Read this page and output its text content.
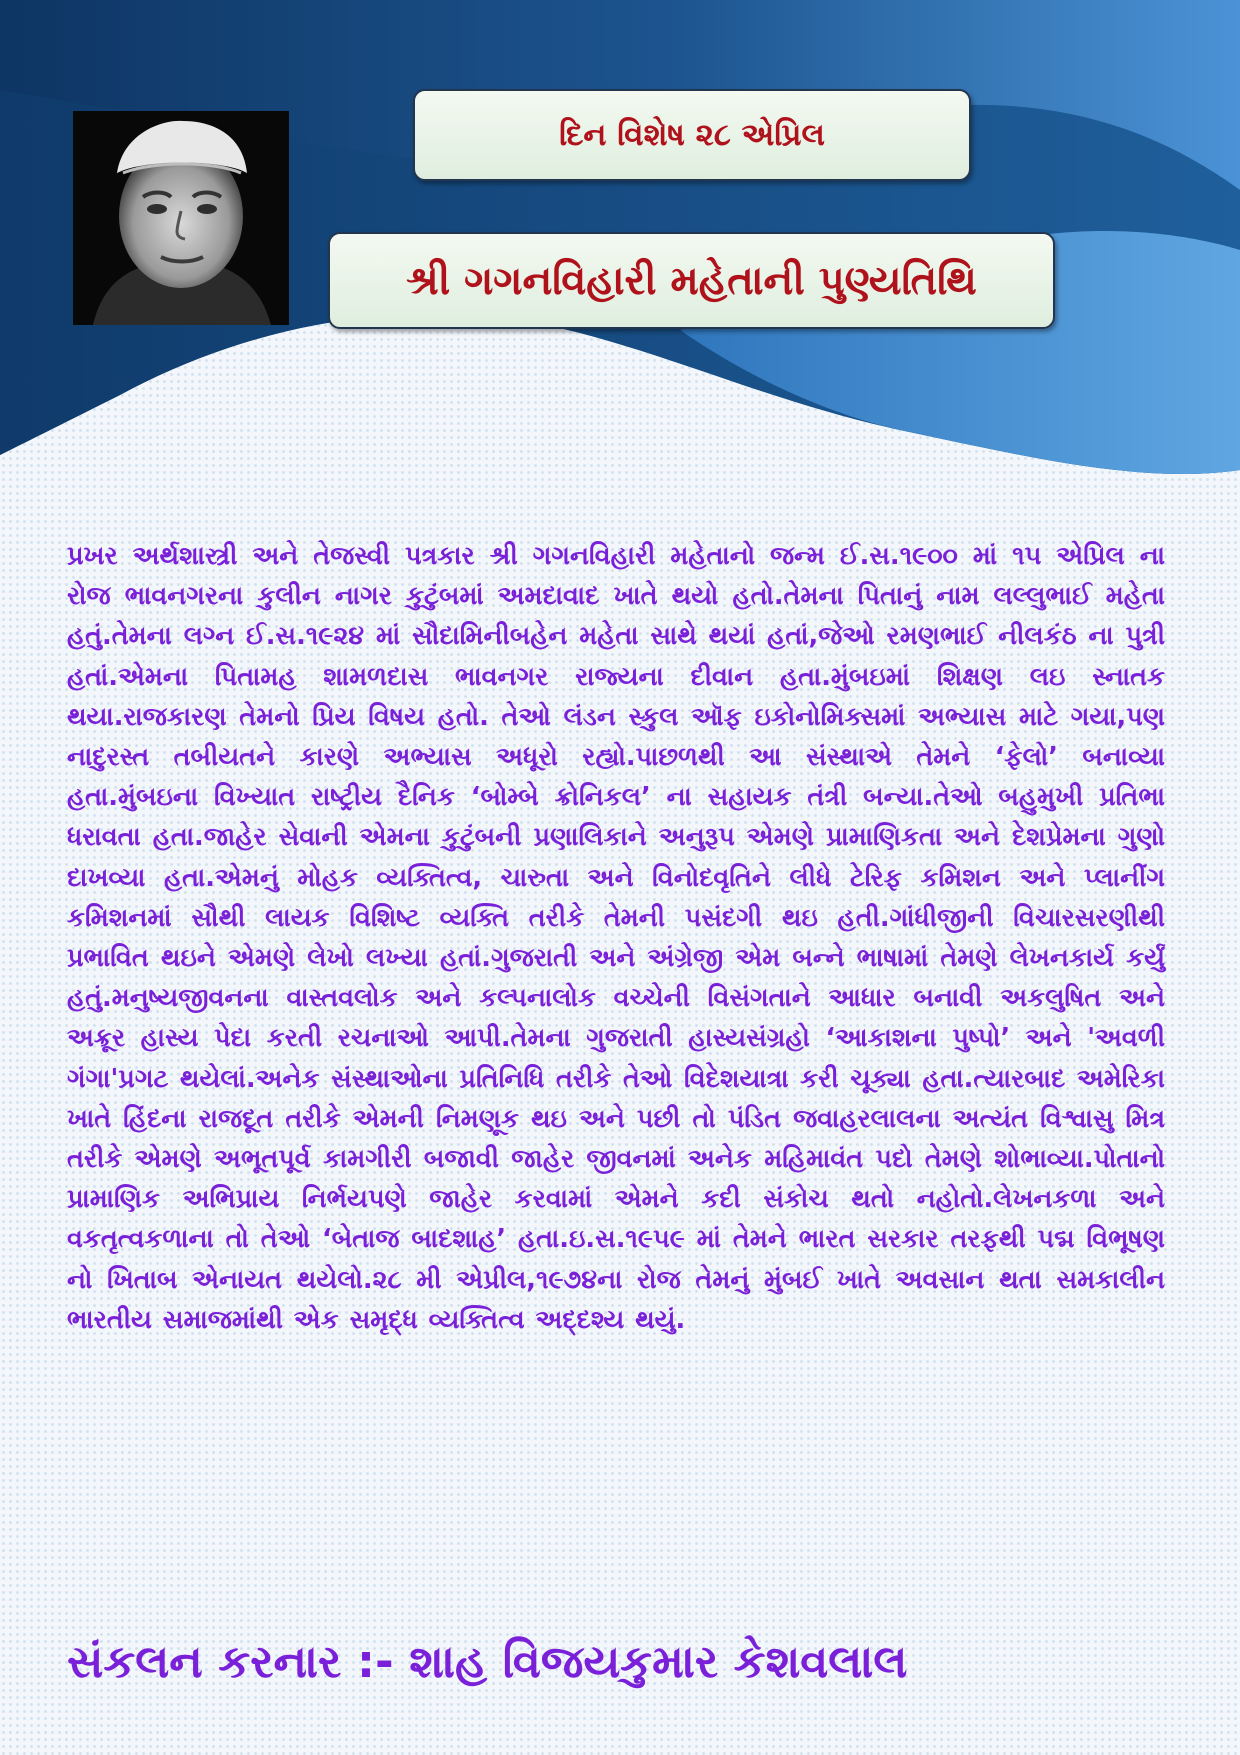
દિન વિશેષ ૨૮ એપ્રિલ
શ્રી ગગનવિહારી મહેતાની પુણ્યતિથિ
પ્રખર અર્થશાસ્ત્રી અને તેજસ્વી પત્રકાર શ્રી ગગનવિહારી મહેતાનો જન્મ ઈ.સ.૧૯૦૦ માં ૧૫ એપ્રિલ ના રોજ ભાવનગરના કુલીન નાગર કુટુંબમાં અમદાવાદ ખાતે થયો હતો.તેમના પિતાનું નામ લલ્લુભાઈ મહેતા હતું.તેમના લગ્ન ઈ.સ.૧૯૨૪ માં સૌદામિનીબહેન મહેતા સાથે થયાં હતાં,જેઓ રમણભાઈ નીલકંઠ ના પુત્રી હતાં.એમના પિતામહ શામળદાસ ભાવનગર રાજ્યના દીવાન હતા.મુંબઇમાં શિક્ષણ લઇ સ્નાતક થયા.રાજકારણ તેમનો પ્રિય વિષય હતો. તેઓ લંડન સ્કુલ ઑફ ઇકોનોમિક્સમાં અભ્યાસ માટે ગયા,પણ નાદુરસ્ત તબીયતને કારણે અભ્યાસ અધૂરો રહ્યો.પાછળથી આ સંસ્થાએ તેમને ‘ફેલો’ બનાવ્યા હતા.મુંબઇના વિખ્યાત રાષ્ટ્રીય દૈનિક ‘બોમ્બે ક્રોનિકલ’ ના સહાયક તંત્રી બન્યા.તેઓ બહુમુખી પ્રતિભા ધરાવતા હતા.જાહેર સેવાની એમના કુટુંબની પ્રણાલિકાને અનુરૂપ એમણે પ્રામાણિકતા અને દેશપ્રેમના ગુણો દાખવ્યા હતા.એમનું મોહક વ્યક્તિત્વ, ચારુતા અને વિનોદવૃતિને લીધે ટેરિફ કમિશન અને પ્લાનીંગ કમિશનમાં સૌથી લાયક વિશિષ્ટ વ્યક્તિ તરીકે તેમની પસંદગી થઇ હતી.ગાંધીજીની વિચારસરણીથી પ્રભાવિત થઇને એમણે લેખો લખ્યા હતાં.ગુજરાતી અને અંગ્રેજી એમ બન્ને ભાષામાં તેમણે લેખનકાર્ય કર્યું હતું.મનુષ્યજીવનના વાસ્તવલોક અને કલ્પનાલોક વચ્ચેની વિસંગતાને આધાર બનાવી અકલુષિત અને અક્રૂર હાસ્ય પેદા કરતી રચનાઓ આપી.તેમના ગુજરાતી હાસ્યસંગ્રહો ‘આકાશના પુષ્પો’ અને 'અવળી ગંગા'પ્રગટ થયેલાં.અનેક સંસ્થાઓના પ્રતિનિધિ તરીકે તેઓ વિદેશયાત્રા કરી ચૂક્યા હતા.ત્યારબાદ અમેરિકા ખાતે હિંદના રાજદૂત તરીકે એમની નિમણૂક થઇ અને પછી તો પંડિત જવાહરલાલના અત્યંત વિશ્વાસુ મિત્ર તરીકે એમણે અભૂતપૂર્વ કામગીરી બજાવી જાહેર જીવનમાં અનેક મહિમાવંત પદો તેમણે શોભાવ્યા.પોતાનો પ્રામાણિક અભિપ્રાય નિર્ભયપણે જાહેર કરવામાં એમને કદી સંકોચ થતો નહોતો.લેખનકળા અને વકતૃત્વકળાના તો તેઓ ‘બેતાજ બાદશાહ’ હતા.ઇ.સ.૧૯૫૯ માં તેમને ભારત સરકાર તરફથી પદ્મ વિભૂષણ નો ખિતાબ એનાયત થયેલો.૨૮ મી એપ્રીલ,૧૯૭૪ના રોજ તેમનું મુંબઈ ખાતે અવસાન થતા સમકાલીન ભારતીય સમાજમાંથી એક સમૃદ્ધ વ્યક્તિત્વ અદ્દશ્ય થયું.
સંકલન કરનાર :- શાહ વિજયકુમાર કેશવલાલ
